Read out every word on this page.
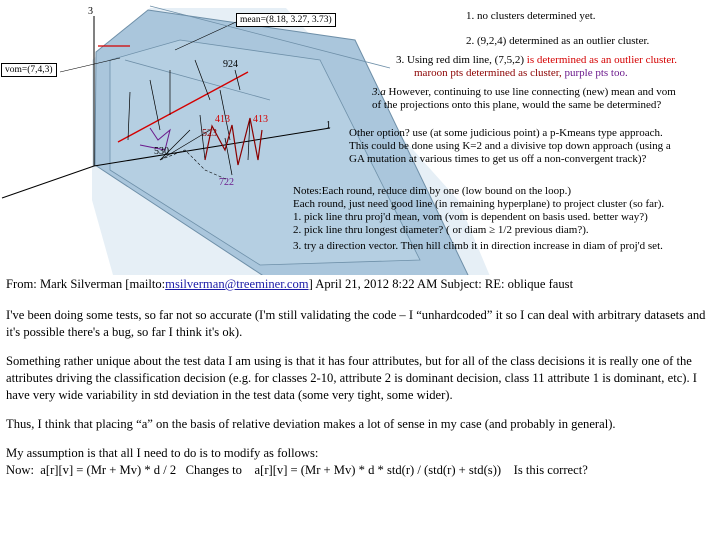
3
1
mean=(8.18, 3.27, 3.73)
vom=(7,4,3)	924
413 413
523
530
722
1. no clusters determined yet.
2. (9,2,4) determined as an outlier cluster.
3. Using red dim line, (7,5,2) is determined as an outlier cluster.
maroon pts determined as cluster, purple pts too.
3.a However, continuing to use line connecting (new) mean and vom
of the projections onto this plane, would the same be determined?
Other option? use (at some judicious point) a p-Kmeans type approach.
This could be done using K=2 and a divisive top down approach (using a
GA mutation at various times to get us off a non-convergent track)?
Notes:Each round, reduce dim by one (low bound on the loop.)
Each round, just need good line (in remaining hyperplane) to project cluster (so far).
1. pick line thru proj'd mean, vom (vom is dependent on basis used. better way?)
2. pick line thru longest diameter? ( or diam ≥ 1/2 previous diam?).
3. try a direction vector. Then hill climb it in direction increase in diam of proj'd set.

From: Mark Silverman [mailto:msilverman@treeminer.com] April 21, 2012 8:22 AM Subject: RE: oblique faust

I've been doing some tests, so far not so accurate (I'm still validating the code – I “unhardcoded” it so I can deal with arbitrary datasets and it's possible there's a bug, so far I think it's ok).

Something rather unique about the test data I am using is that it has four attributes, but for all of the class decisions it is really one of the attributes driving the classification decision (e.g. for classes 2-10, attribute 2 is dominant decision, class 11 attribute 1 is dominant, etc). I have very wide variability in std deviation in the test data (some very tight, some wider).

Thus, I think that placing “a” on the basis of relative deviation makes a lot of sense in my case (and probably in general).

My assumption is that all I need to do is to modify as follows:
Now:  a[r][v] = (Mr + Mv) * d / 2   Changes to    a[r][v] = (Mr + Mv) * d * std(r) / (std(r) + std(s))    Is this correct?
